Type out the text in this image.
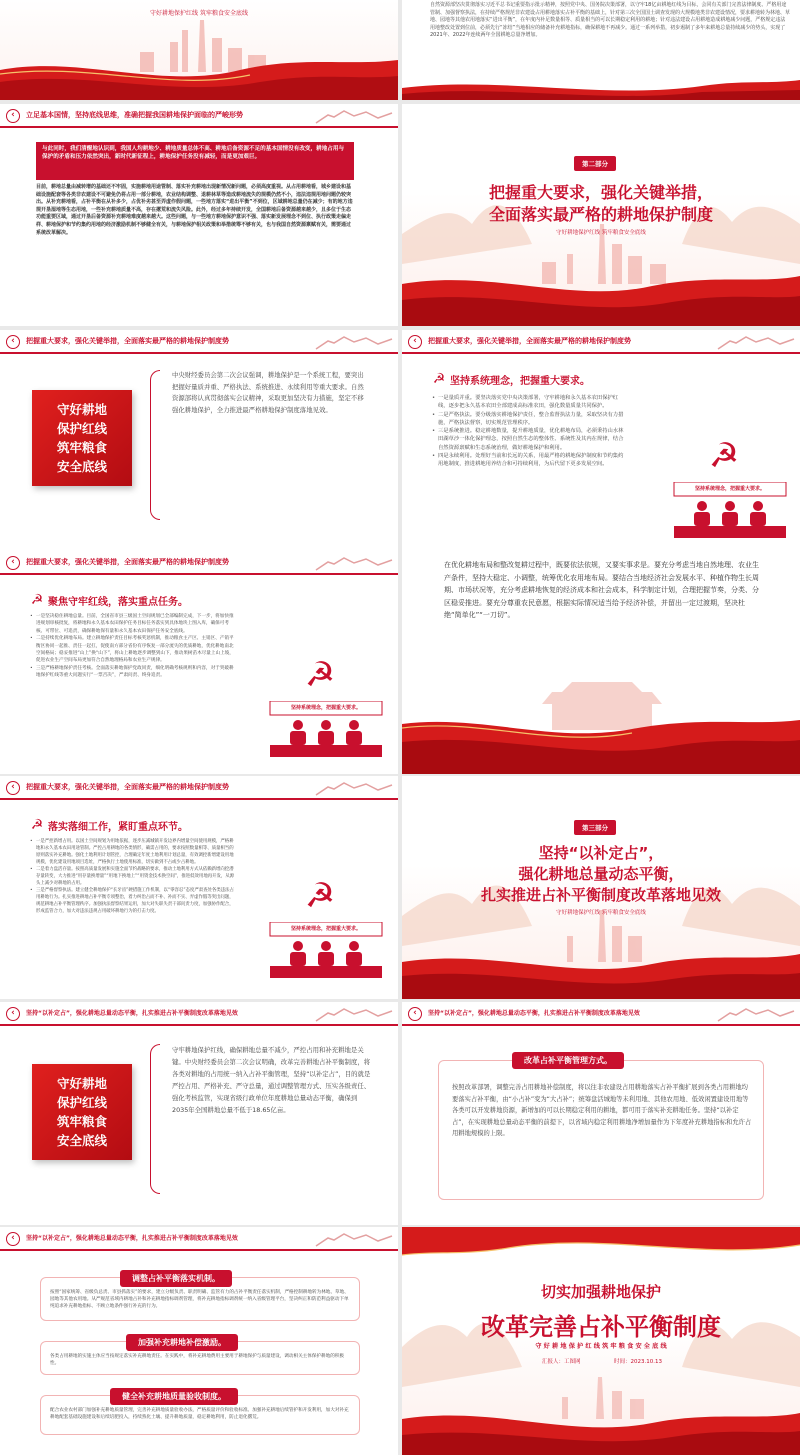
守好耕地保护红线 筑牢粮食安全底线
自然资源部坚决贯彻落实习近平总书记重要指示批示精神，按照党中央、国务院决策部署，以守牢18亿亩耕地红线为目标，会同有关部门完善法律制度、严格用途管制、加强督察执法，在持续严格规范非农建设占用耕地落实占补平衡的基础上，针对第三次全国国土调查发现的大规模地类非农建设情况，要求耕地转为林地、草地、园地等其他农用地落实“进出平衡”，在年度内补足数量相等、质量相当的可以长期稳定利用的耕地；针对违法建设占用耕地造成耕地减少问题，严格规定违法用地整改处置到位前，必须先行“冻结”当地相应的储备补充耕地指标，确保耕地不再减少。通过一系列举措，初步遏制了多年来耕地总量持续减少的势头，实现了2021年、2022年连续两年全国耕地总量净增加。
‹	立足基本国情，坚持底线思维，准确把握我国耕地保护面临的严峻形势
与此同时，我们清醒地认识到，我国人均耕地少、耕地质量总体不高、耕地后备资源不足的基本国情没有改变，耕地占用与保护的矛盾和压力依然突出，新时代新征程上，耕地保护任务没有减轻，而是更加艰巨。
目前，耕地总量由减转增的基础还不牢固，实施耕地用途管制、落实补充耕地出现新情况新问题，必须高度重视。从占用耕地看，城乡建设和基础设施配套等各类非农建设不可避免仍将占用一部分耕地，农业结构调整、退耕林草等造成耕地流失的规模仍然不小，违法违规用地问题仍较突出。从补充耕地看，占补平衡在从补多少，占优补劣甚至弄虚作假问题，一些地方落实“进出平衡”不到位，区域耕地总量仍在减少；有的地方违规开垦湿地等生态用地，一些补充耕地质量不高，存在撂荒和流失风险。此外，经过多年持续开发，全国耕地后备资源越来越少，且多位于生态功能重要区域，通过开垦后备资源补充耕地难度越来越大。这些问题，与一些地方耕地保护意识不强、落实新发展理念不到位、执行政策走偏走样、耕地保护和节约集约用地的经济激励机制不够健全有关，与耕地保护相关政策和举措统筹不够有关，也与我国自然资源禀赋有关，需要通过系统改革解决。
第二部分
把握重大要求，强化关键举措，
全面落实最严格的耕地保护制度
守好耕地保护红线 筑牢粮食安全底线
‹	把握重大要求，强化关键举措，全面落实最严格的耕地保护制度势
守好耕地
保护红线
筑牢粮食
安全底线
中央财经委员会第二次会议强调，耕地保护是一个系统工程，要突出把握好量质并重、严格执法、系统推进、永续利用等重大要求。自然资源部将认真贯彻落实会议精神，采取更加坚决有力措施，坚定不移强化耕地保护，全力推进最严格耕地保护制度落地见效。
‹	把握重大要求，强化关键举措，全面落实最严格的耕地保护制度势
☭ 坚持系统理念，把握重大要求。
• 一是量质并重。要坚决落实党中央决策部署，守牢耕地和永久基本农田保护红线，逐步把永久基本农田全部建成高标准农田，强化数量质量共同保护。
• 二是严格执法。要分级落实耕地保护责任，整合监督执法力量，采取坚决有力措施，严格执法督察，切实规范管理秩序。
• 三是系统推进。稳定耕地数量，提升耕地质量，优化耕地布局，必须秉持山水林田湖草沙一体化保护理念，按照自然生态的整体性、系统性及其内在规律，结合自然资源禀赋和生态系统治理，做好耕地保护和利用。
• 四是永续利用。处理好当前和长远的关系，用最严格的耕地保护制度和节约集约用地制度，推进耕地用养结合和可持续利用，为后代留下更多发展空间。	☭
坚持系统理念，把握重大要求。
‹	把握重大要求，强化关键举措，全面落实最严格的耕地保护制度势
☭ 聚焦守牢红线，落实重点任务。
• 一是坚决稳住耕地总量。目前，全国省市县三级国土空间规划已全部编制完成，下一步，将加快推进规划审核批复，将耕地和永久基本农田保护任务目标任务落实到具体地块上图入库，确保可考核、可带位、可追责，确保耕地保有量和永久基本农田保护任务安全底线。
• 二是持续优化耕地布局。建立耕地保护责任目标考核奖惩机制，推动粮食主产区、主销区、产销平衡区协同一起推、责任一起扛，促使南方部分省份有序恢复一部分流失的优质耕地，优化耕地南北空间格局；稳妥推进“山上”换“山下”，将山上耕地逐步调整到山下，推动果树苗木尽量上山上坡，促进农业生产空间布局更加符合自然地理格局和农业生产规律。
• 三是严格耕地保护责任考核。全面落实耕地保护党政同责，细化明确考核规则和内容，对于突破耕地保护红线等重大问题实行“一票否决”，严肃问责、终身追责。	☭
坚持系统理念，把握重大要求。
在优化耕地布局和整改复耕过程中，既要依法依规，又要实事求是。要充分考虑当地自然地理、农业生产条件，坚持大稳定、小调整，统筹优化农用地布局。要结合当地经济社会发展水平、种植作物生长周期、市场状况等，充分考虑耕地恢复的经济成本和社会成本，科学制定计划，合理把握节奏，分类、分区稳妥推进。要充分尊重农民意愿，根据实际情况适当给予经济补偿，并留出一定过渡期，坚决杜绝“简单化”“一刀切”。
‹	把握重大要求，强化关键举措，全面落实最严格的耕地保护制度势
☭ 落实落细工作，紧盯重点环节。
• 一是严控新增占用。以国土空间规划为用地依据，逐步压减城镇开发边界内增量空间使用规模，严格耕地和永久基本农田用途管制。严控占用耕地的各类情形，确需占用的，要求按照数量相等、质量相当的原则落实补充耕地。强化土地利用计划管控，合理确定年度土地利用计划总量，有效调控新增建设用地规模，优化建设用地项目选址，严格执行土地使用标准，切实做到不占或少占耕地。
• 二是着力盘活存量。按照高质量发展和实施全面节约战略的要求，推动土地利用方式从依赖新增向挖潜存量转变，大力推进“用存量换增量”“用地下换地上”“用资金技术换空间”，推进低效用地再开发，从源头上减少对耕地的占用。
• 三是严格督察执法。建立健全耕地保护“长牙齿”硬措施工作机制，以“零容忍”态度严肃查处各类违法占用耕地行为。扎实推进耕地占补平衡专项整治，着力纠治占而不补、补而不实、弄虚作假等突出问题，规范耕地占补平衡管理秩序。加强执法督察结果运用，加大对失职失责干部问责力度，加强协作配合，形成监管合力，加大对违法违规占用破坏耕地行为的打击力度。	☭
坚持系统理念，把握重大要求。
第三部分
坚持“以补定占”，
强化耕地总量动态平衡，
扎实推进占补平衡制度改革落地见效
守好耕地保护红线 筑牢粮食安全底线
‹	坚持“以补定占”，强化耕地总量动态平衡，扎实推进占补平衡制度改革落地见效
守好耕地
保护红线
筑牢粮食
安全底线
守牢耕地保护红线，确保耕地总量不减少，严控占用和补充耕地是关键。中央财经委员会第二次会议明确，改革完善耕地占补平衡制度，将各类对耕地的占用统一纳入占补平衡管理，坚持“以补定占”，目的就是严控占用、严格补充、严守总量，通过调整管理方式、压实各级责任、强化考核监管，实现省级行政单位年度耕地总量动态平衡，确保到2035年全国耕地总量不低于18.65亿亩。
‹	坚持“以补定占”，强化耕地总量动态平衡，扎实推进占补平衡制度改革落地见效
改革占补平衡管理方式。
按照改革部署，调整完善占用耕地补偿制度，将以往非农建设占用耕地落实占补平衡扩展到各类占用耕地均要落实占补平衡，由“小占补”变为“大占补”；统筹盘活城地等未利用地、其他农用地、低效闲置建设用地等各类可以开发耕地资源，新增加的可以长期稳定利用的耕地，都可用于落实补充耕地任务。坚持“以补定占”，在实现耕地总量动态平衡的前提下，以省域内稳定利用耕地净增加量作为下年度补充耕地指标和允许占用耕地规模的上限。
‹	坚持“以补定占”，强化耕地总量动态平衡，扎实推进占补平衡制度改革落地见效
调整占补平衡落实机制。
按照“国家统筹、省级负总责、市县抓落实”的要求，建立分级负责、职责明确、监管有力的占补平衡责任落实机制，严格控制耕地转为林地、草地、园地等其他农用地。从严规范省域内耕地占补和补充耕地指标调剂管理，将补充耕地指标调剂统一纳入省级管理平台，坚决纠正和防范利益驱动下单纯追求补充耕地指标、不顾立地条件强行补充的行为。
加强补充耕地补偿激励。
各类占用耕地的实施主体应当按规定落实补充耕地责任。在实践中，将补充耕地费用主要用于耕地保护与质量建设，调动相关主体保护耕地的积极性。
健全补充耕地质量验收制度。
配合农业农村部门加强补充耕地质量管理，完善补充耕地质量验收办法，严格质量评价和验收标准。加强补充耕地后续管护和开发利用，加大对补充耕地配套基础设施建设和后续培肥投入，持续熟化土壤、提升耕地质量，稳定耕地利用，防止退化撂荒。
切实加强耕地保护
改革完善占补平衡制度
守 好 耕 地 保 护 红 线 筑 牢 粮 食 安 全 底 线
汇报人：工图网	时间：2023.10.13
